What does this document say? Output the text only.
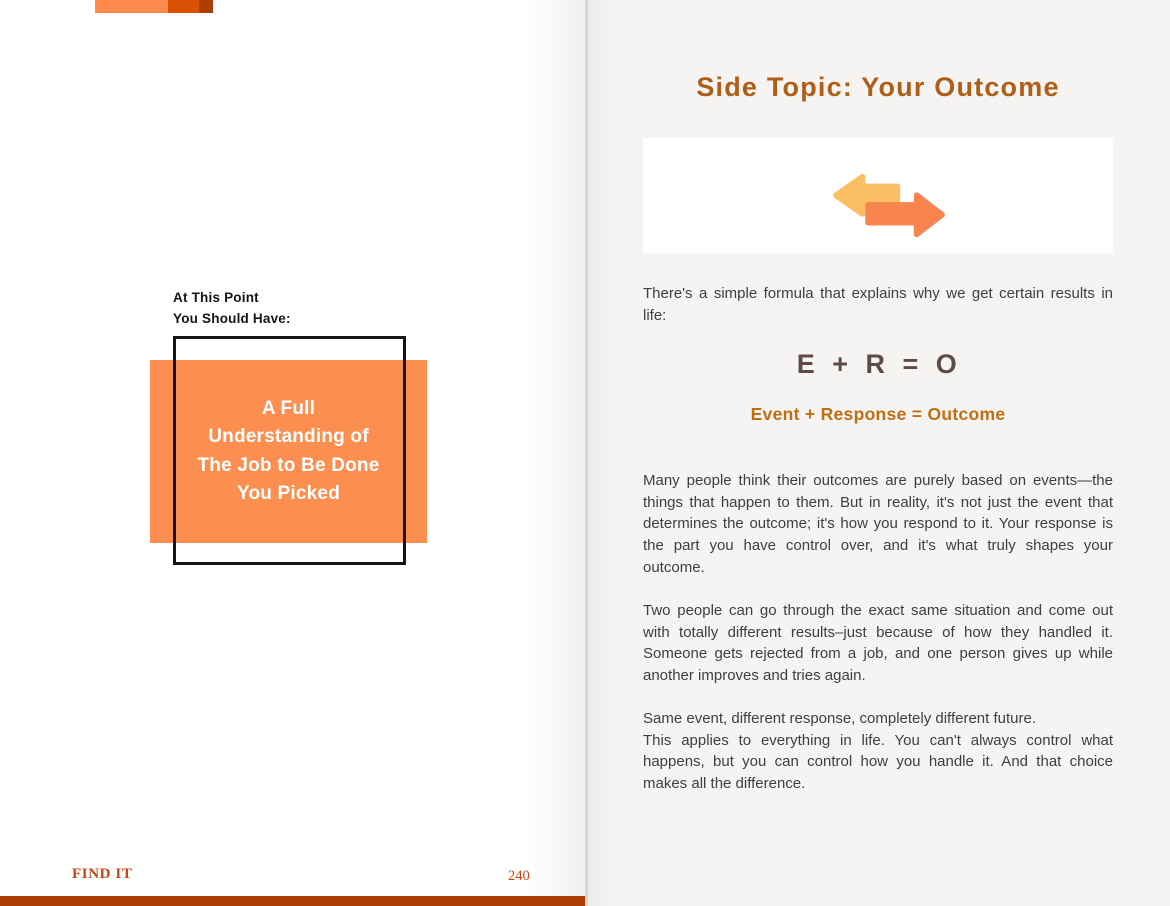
At This Point
You Should Have:
A Full
Understanding of
The Job to Be Done
You Picked
FIND IT	240
Side Topic: Your Outcome

There's a simple formula that explains why we get certain results in life:

E + R = O
Event + Response = Outcome

Many people think their outcomes are purely based on events—the things that happen to them. But in reality, it's not just the event that determines the outcome; it's how you respond to it. Your response is the part you have control over, and it's what truly shapes your outcome.

Two people can go through the exact same situation and come out with totally different results–just because of how they handled it. Someone gets rejected from a job, and one person gives up while another improves and tries again.

Same event, different response, completely different future.
This applies to everything in life. You can't always control what happens, but you can control how you handle it. And that choice makes all the difference.
